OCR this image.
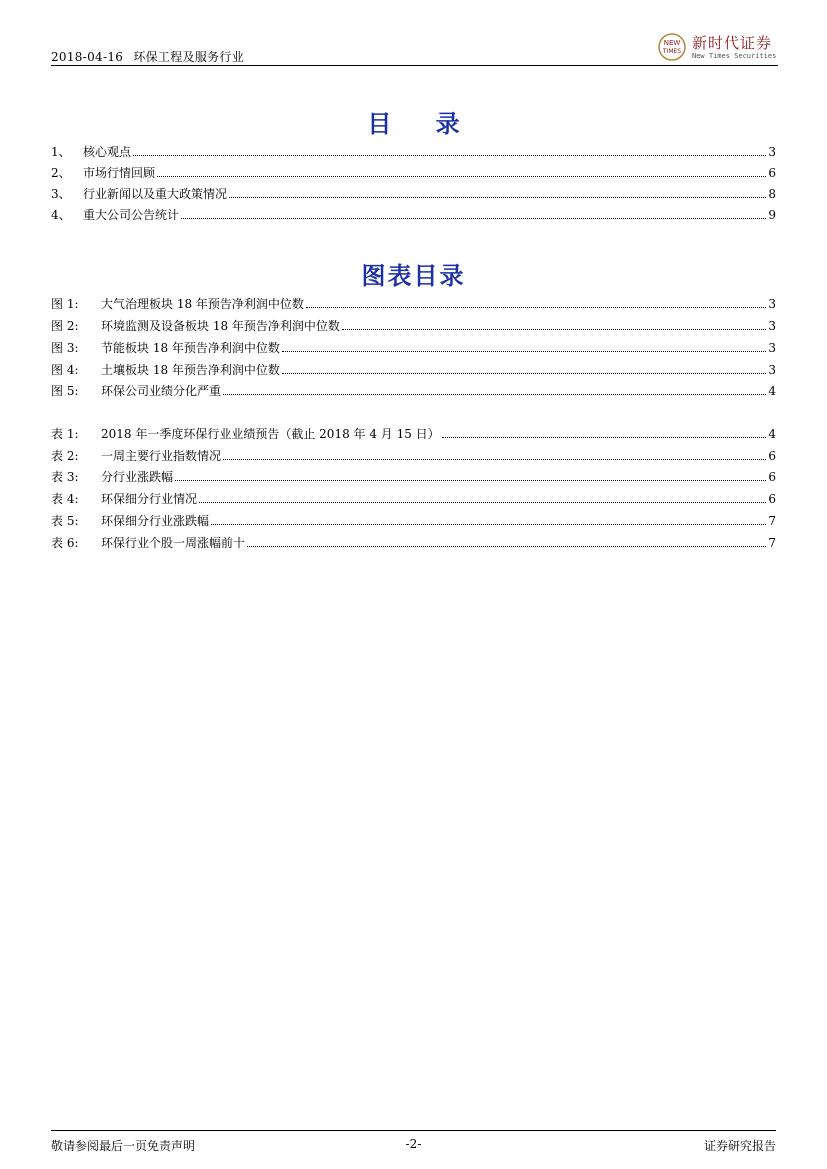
2018-04-16 环保工程及服务行业
NEW
TIMES 新时代证券
New Times Securities
目 录
1、	核心观点	3
2、	市场行情回顾	6
3、	行业新闻以及重大政策情况	8
4、	重大公司公告统计	9
图表目录
图 1:	大气治理板块 18 年预告净利润中位数	3
图 2:	环境监测及设备板块 18 年预告净利润中位数	3
图 3:	节能板块 18 年预告净利润中位数	3
图 4:	土壤板块 18 年预告净利润中位数	3
图 5:	环保公司业绩分化严重	4
表 1:	2018 年一季度环保行业业绩预告（截止 2018 年 4 月 15 日）	4
表 2:	一周主要行业指数情况	6
表 3:	分行业涨跌幅	6
表 4:	环保细分行业情况	6
表 5:	环保细分行业涨跌幅	7
表 6:	环保行业个股一周涨幅前十	7
敬请参阅最后一页免责声明	-2-	证券研究报告
